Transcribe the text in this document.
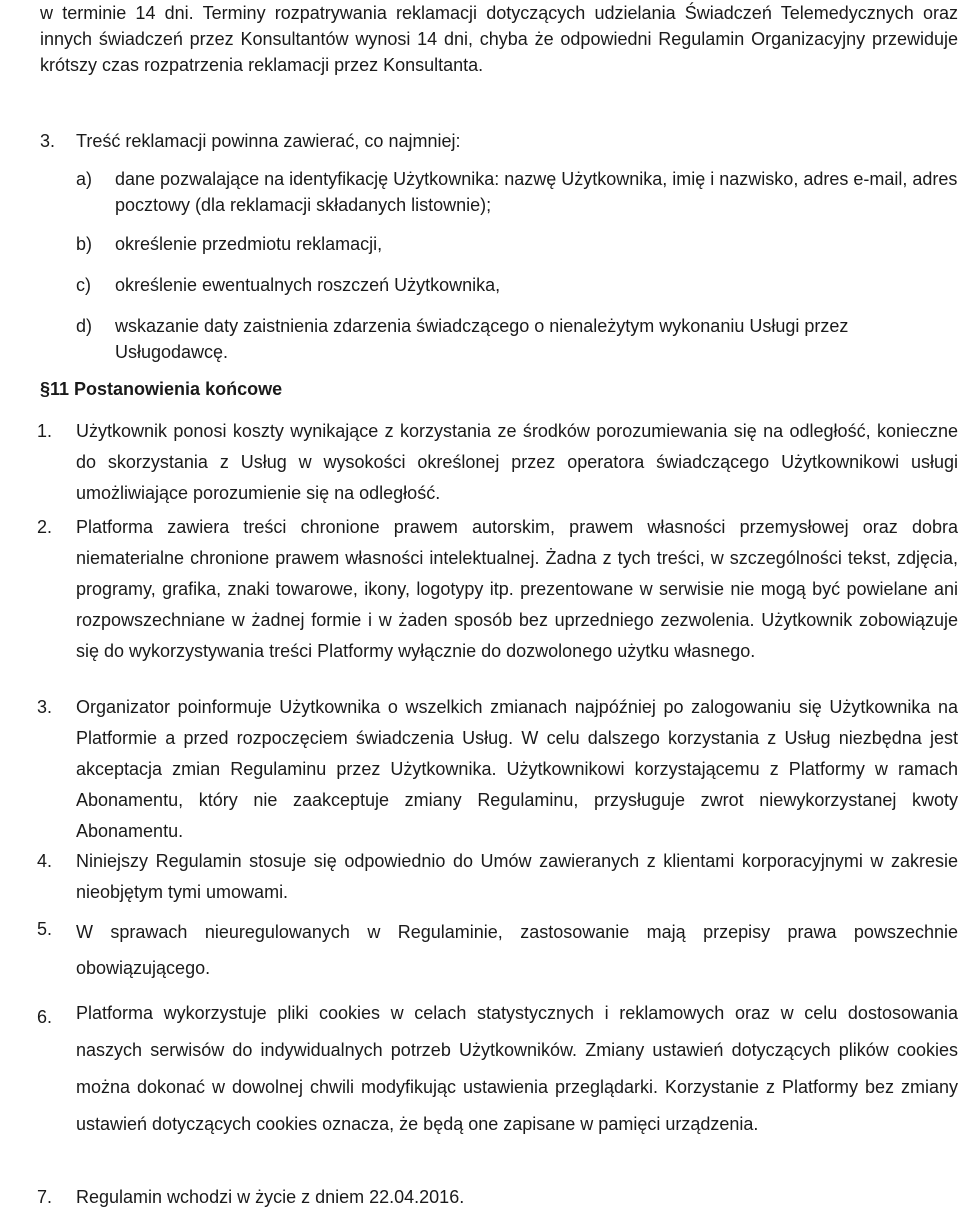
w terminie 14 dni. Terminy rozpatrywania reklamacji dotyczących udzielania Świadczeń Telemedycznych oraz innych świadczeń przez Konsultantów wynosi 14 dni, chyba że odpowiedni Regulamin Organizacyjny przewiduje krótszy czas rozpatrzenia reklamacji przez Konsultanta.

3. Treść reklamacji powinna zawierać, co najmniej:

a) dane pozwalające na identyfikację Użytkownika: nazwę Użytkownika, imię i nazwisko, adres e-mail, adres pocztowy (dla reklamacji składanych listownie);

b) określenie przedmiotu reklamacji,

c) określenie ewentualnych roszczeń Użytkownika,

d) wskazanie daty zaistnienia zdarzenia świadczącego o nienależytym wykonaniu Usługi przez Usługodawcę.

§11 Postanowienia końcowe
1. Użytkownik ponosi koszty wynikające z korzystania ze środków porozumiewania się na odległość, konieczne do skorzystania z Usług w wysokości określonej przez operatora świadczącego Użytkownikowi usługi umożliwiające porozumienie się na odległość.

2. Platforma zawiera treści chronione prawem autorskim, prawem własności przemysłowej oraz dobra niematerialne chronione prawem własności intelektualnej. Żadna z tych treści, w szczególności tekst, zdjęcia, programy, grafika, znaki towarowe, ikony, logotypy itp. prezentowane w serwisie nie mogą być powielane ani rozpowszechniane w żadnej formie i w żaden sposób bez uprzedniego zezwolenia. Użytkownik zobowiązuje się do wykorzystywania treści Platformy wyłącznie do dozwolonego użytku własnego.

3. Organizator poinformuje Użytkownika o wszelkich zmianach najpóźniej po zalogowaniu się Użytkownika na Platformie a przed rozpoczęciem świadczenia Usług. W celu dalszego korzystania z Usług niezbędna jest akceptacja zmian Regulaminu przez Użytkownika. Użytkownikowi korzystającemu z Platformy w ramach Abonamentu, który nie zaakceptuje zmiany Regulaminu, przysługuje zwrot niewykorzystanej kwoty Abonamentu.

4. Niniejszy Regulamin stosuje się odpowiednio do Umów zawieranych z klientami korporacyjnymi w zakresie nieobjętym tymi umowami.

5. W sprawach nieuregulowanych w Regulaminie, zastosowanie mają przepisy prawa powszechnie obowiązującego.

6. Platforma wykorzystuje pliki cookies w celach statystycznych i reklamowych oraz w celu dostosowania naszych serwisów do indywidualnych potrzeb Użytkowników. Zmiany ustawień dotyczących plików cookies można dokonać w dowolnej chwili modyfikując ustawienia przeglądarki. Korzystanie z Platformy bez zmiany ustawień dotyczących cookies oznacza, że będą one zapisane w pamięci urządzenia.

7. Regulamin wchodzi w życie z dniem 22.04.2016.
